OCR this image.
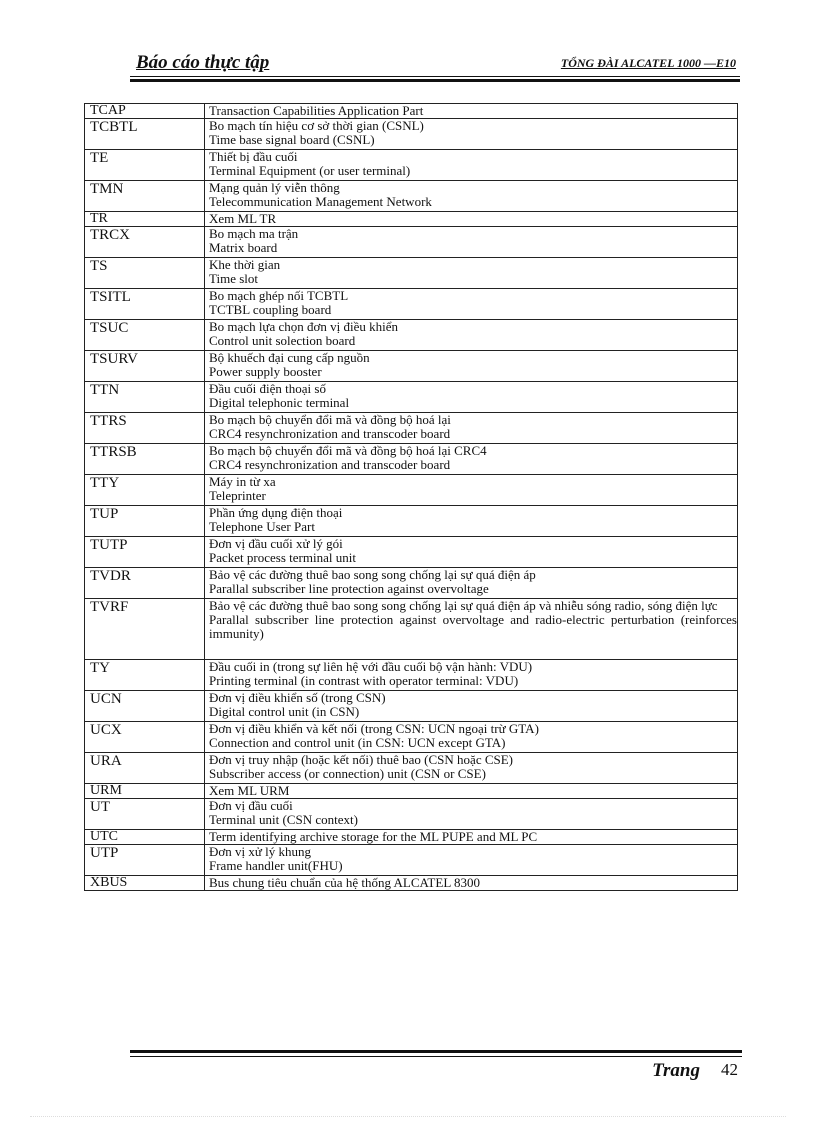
Báo cáo thực tập	TỔNG ĐÀI ALCATEL 1000 —E10
TCAP	Transaction Capabilities Application Part

TCBTL	Bo mạch tín hiệu cơ sở thời gian (CSNL)
Time base signal board (CSNL)

TE	Thiết bị đầu cuối
Terminal Equipment (or user terminal)

TMN	Mạng quản lý viễn thông
Telecommunication Management Network

TR	Xem ML TR

TRCX	Bo mạch ma trận
Matrix board

TS	Khe thời gian
Time slot

TSITL	Bo mạch ghép nối TCBTL
TCTBL coupling board

TSUC	Bo mạch lựa chọn đơn vị điều khiển
Control unit solection board

TSURV	Bộ khuếch đại cung cấp nguồn
Power supply booster

TTN	Đầu cuối điện thoại số
Digital telephonic terminal

TTRS	Bo mạch bộ chuyển đổi mã và đồng bộ hoá lại
CRC4 resynchronization and transcoder board

TTRSB	Bo mạch bộ chuyển đổi mã và đồng bộ hoá lại CRC4
CRC4 resynchronization and transcoder board

TTY	Máy in từ xa
Teleprinter

TUP	Phần ứng dụng điện thoại
Telephone User Part

TUTP	Đơn vị đầu cuối xử lý gói
Packet process terminal unit

TVDR	Bảo vệ các đường thuê bao song song chống lại sự quá điện áp
Parallal subscriber line protection against overvoltage

TVRF	Bảo vệ các đường thuê bao song song chống lại sự quá điện áp và nhiễu sóng radio, sóng điện lực
Parallal subscriber line protection against overvoltage and radio-electric perturbation (reinforces immunity)

TY	Đầu cuối in (trong sự liên hệ với đầu cuối bộ vận hành: VDU)
Printing terminal (in contrast with operator terminal: VDU)

UCN	Đơn vị điều khiển số (trong CSN)
Digital control unit (in CSN)

UCX	Đơn vị điều khiển và kết nối (trong CSN: UCN ngoại trừ GTA)
Connection and control unit (in CSN: UCN except GTA)

URA	Đơn vị truy nhập (hoặc kết nối) thuê bao (CSN hoặc CSE)
Subscriber access (or connection) unit (CSN or CSE)

URM	Xem ML URM

UT	Đơn vị đầu cuối
Terminal unit (CSN context)

UTC	Term identifying archive storage for the ML PUPE and ML PC

UTP	Đơn vị xử lý khung
Frame handler unit(FHU)

XBUS	Bus chung tiêu chuẩn của hệ thống ALCATEL 8300
Trang 42
